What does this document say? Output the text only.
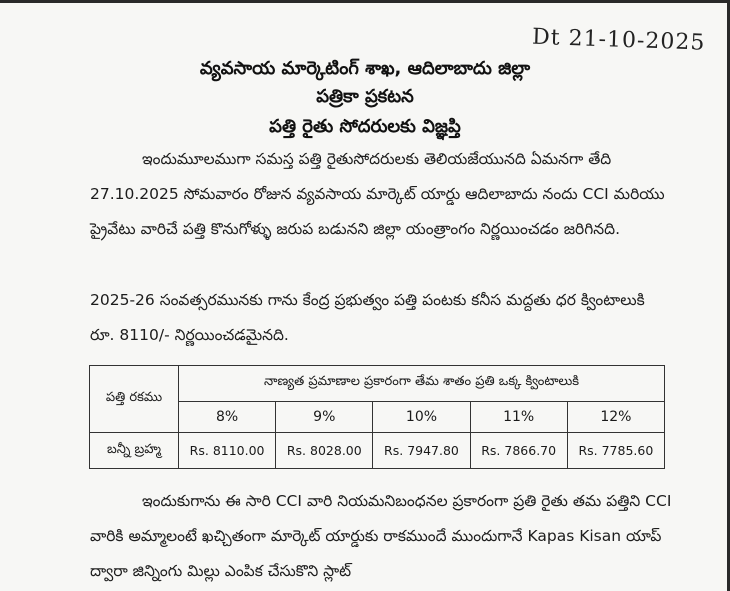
Dt 21-10-2025
వ్యవసాయ మార్కెటింగ్ శాఖ, ఆదిలాబాదు జిల్లా
పత్రికా ప్రకటన
పత్తి రైతు సోదరులకు విజ్ఞప్తి
ఇందుమూలముగా సమస్త పత్తి రైతుసోదరులకు తెలియజేయునది ఏమనగా తేది 27.10.2025 సోమవారం రోజున వ్యవసాయ మార్కెట్ యార్డు ఆదిలాబాదు నందు CCI మరియు ప్రైవేటు వారిచే పత్తి కొనుగోళ్ళు జరుప బడునని జిల్లా యంత్రాంగం నిర్ణయించడం జరిగినది.
2025-26 సంవత్సరమునకు గాను కేంద్ర ప్రభుత్వం పత్తి పంటకు కనీస మద్దతు ధర క్వింటాలుకి రూ. 8110/- నిర్ణయించడమైనది.
పత్తి రకము	నాణ్యత ప్రమాణాల ప్రకారంగా తేమ శాతం ప్రతి ఒక్క క్వింటాలుకి				
	8%	9%	10%	11%	12%
బన్నీ బ్రహ్మ	Rs. 8110.00	Rs. 8028.00	Rs. 7947.80	Rs. 7866.70	Rs. 7785.60
ఇందుకుగాను ఈ సారి CCI వారి నియమనిబంధనల ప్రకారంగా ప్రతి రైతు తమ పత్తిని CCI వారికి అమ్మాలంటే ఖచ్చితంగా మార్కెట్ యార్డుకు రాకముందే ముందుగానే Kapas Kisan యాప్ ద్వారా జిన్నింగు మిల్లు ఎంపిక చేసుకొని స్లాట్
